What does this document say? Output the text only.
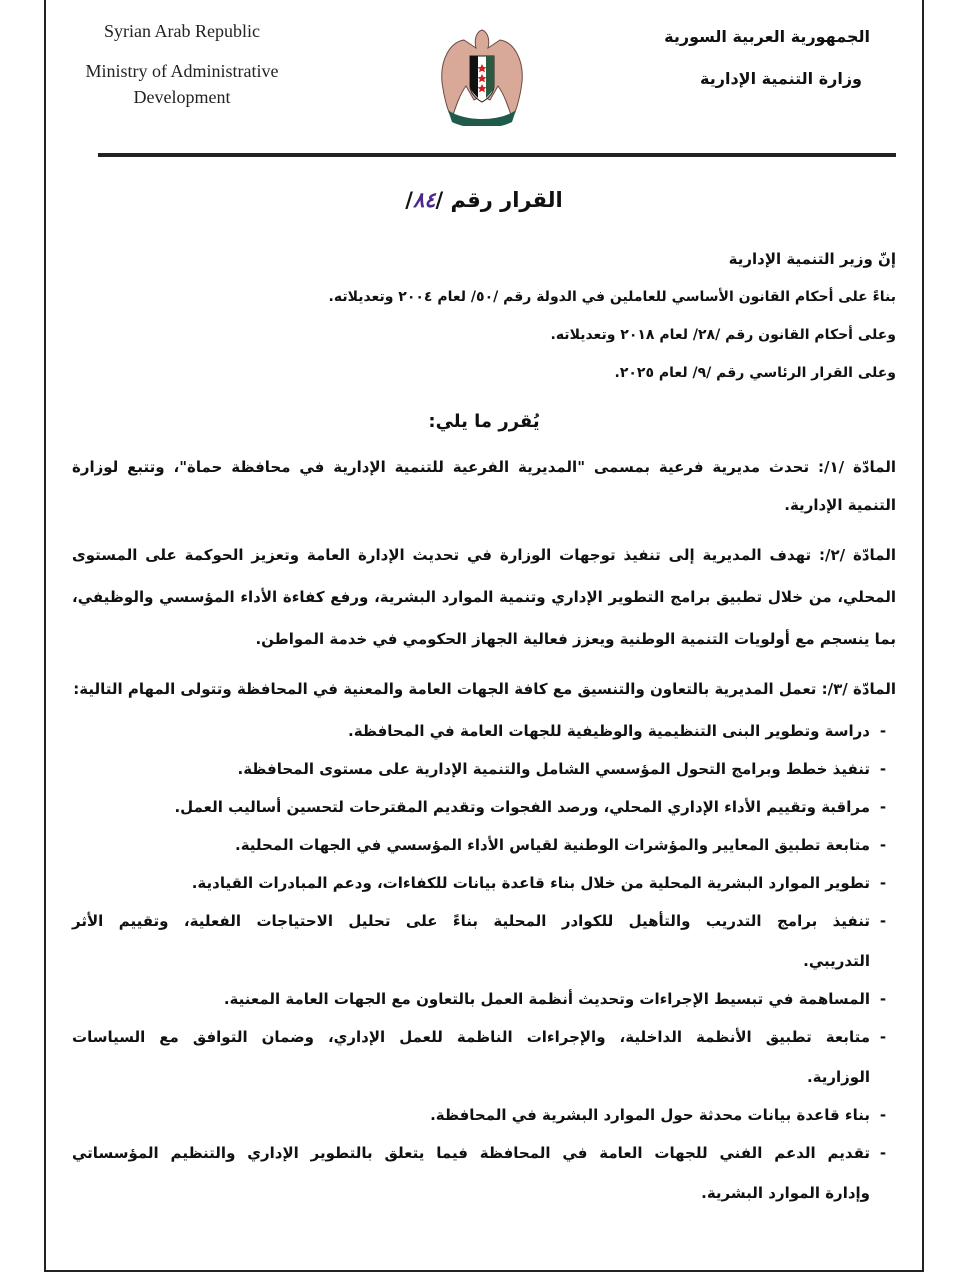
Syrian Arab Republic
Ministry of Administrative
Development
الجمهورية العربية السورية
وزارة التنمية الإدارية
القرار رقم /٨٤/
إنّ وزير التنمية الإدارية
بناءً على أحكام القانون الأساسي للعاملين في الدولة رقم /٥٠/ لعام ٢٠٠٤ وتعديلاته.
وعلى أحكام القانون رقم /٢٨/ لعام ٢٠١٨ وتعديلاته.
وعلى القرار الرئاسي رقم /٩/ لعام ٢٠٢٥.
يُقرر ما يلي:
المادّة /١/: تحدث مديرية فرعية بمسمى "المديرية الفرعية للتنمية الإدارية في محافظة حماة"، وتتبع لوزارة
التنمية الإدارية.
المادّة /٢/: تهدف المديرية إلى تنفيذ توجهات الوزارة في تحديث الإدارة العامة وتعزيز الحوكمة على المستوى
المحلي، من خلال تطبيق برامج التطوير الإداري وتنمية الموارد البشرية، ورفع كفاءة الأداء المؤسسي والوظيفي،
بما ينسجم مع أولويات التنمية الوطنية ويعزز فعالية الجهاز الحكومي في خدمة المواطن.
المادّة /٣/: تعمل المديرية بالتعاون والتنسيق مع كافة الجهات العامة والمعنية في المحافظة وتتولى المهام التالية:
-
دراسة وتطوير البنى التنظيمية والوظيفية للجهات العامة في المحافظة.
-
تنفيذ خطط وبرامج التحول المؤسسي الشامل والتنمية الإدارية على مستوى المحافظة.
-
مراقبة وتقييم الأداء الإداري المحلي، ورصد الفجوات وتقديم المقترحات لتحسين أساليب العمل.
-
متابعة تطبيق المعايير والمؤشرات الوطنية لقياس الأداء المؤسسي في الجهات المحلية.
-
تطوير الموارد البشرية المحلية من خلال بناء قاعدة بيانات للكفاءات، ودعم المبادرات القيادية.
-
تنفيذ برامج التدريب والتأهيل للكوادر المحلية بناءً على تحليل الاحتياجات الفعلية، وتقييم الأثر
التدريبي.
-
المساهمة في تبسيط الإجراءات وتحديث أنظمة العمل بالتعاون مع الجهات العامة المعنية.
-
متابعة تطبيق الأنظمة الداخلية، والإجراءات الناظمة للعمل الإداري، وضمان التوافق مع السياسات
الوزارية.
-
بناء قاعدة بيانات محدثة حول الموارد البشرية في المحافظة.
-
تقديم الدعم الفني للجهات العامة في المحافظة فيما يتعلق بالتطوير الإداري والتنظيم المؤسساتي
وإدارة الموارد البشرية.
